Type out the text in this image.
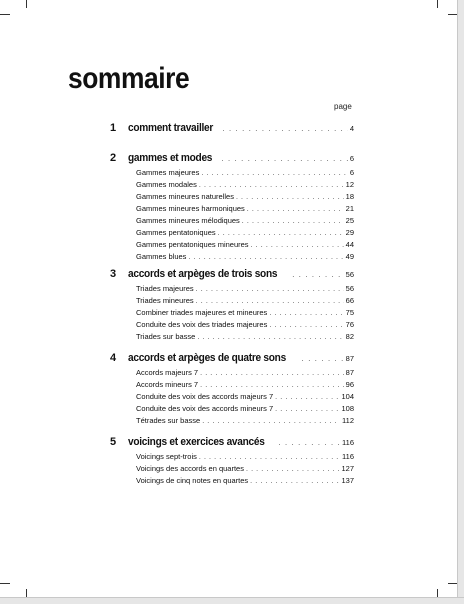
sommaire
page
1 comment travailler . . .	4
2 gammes et modes . . .	6
Gammes majeures . . .	6
Gammes modales . . .	12
Gammes mineures naturelles . . .	18
Gammes mineures harmoniques . . .	21
Gammes mineures mélodiques . . .	25
Gammes pentatoniques . . .	29
Gammes pentatoniques mineures . . .	44
Gammes blues . . .	49
3 accords et arpèges de trois sons . . .	56
Triades majeures . . .	56
Triades mineures . . .	66
Combiner triades majeures et mineures . . .	75
Conduite des voix des triades majeures . . .	76
Triades sur basse . . .	82
4 accords et arpèges de quatre sons . . .	87
Accords majeurs 7 . . .	87
Accords mineurs 7 . . .	96
Conduite des voix des accords majeurs 7 . . .	104
Conduite des voix des accords mineurs 7 . . .	108
Tétrades sur basse . . .	112
5 voicings et exercices avancés . . .	116
Voicings sept-trois . . .	116
Voicings des accords en quartes . . .	127
Voicings de cinq notes en quartes . . .	137
